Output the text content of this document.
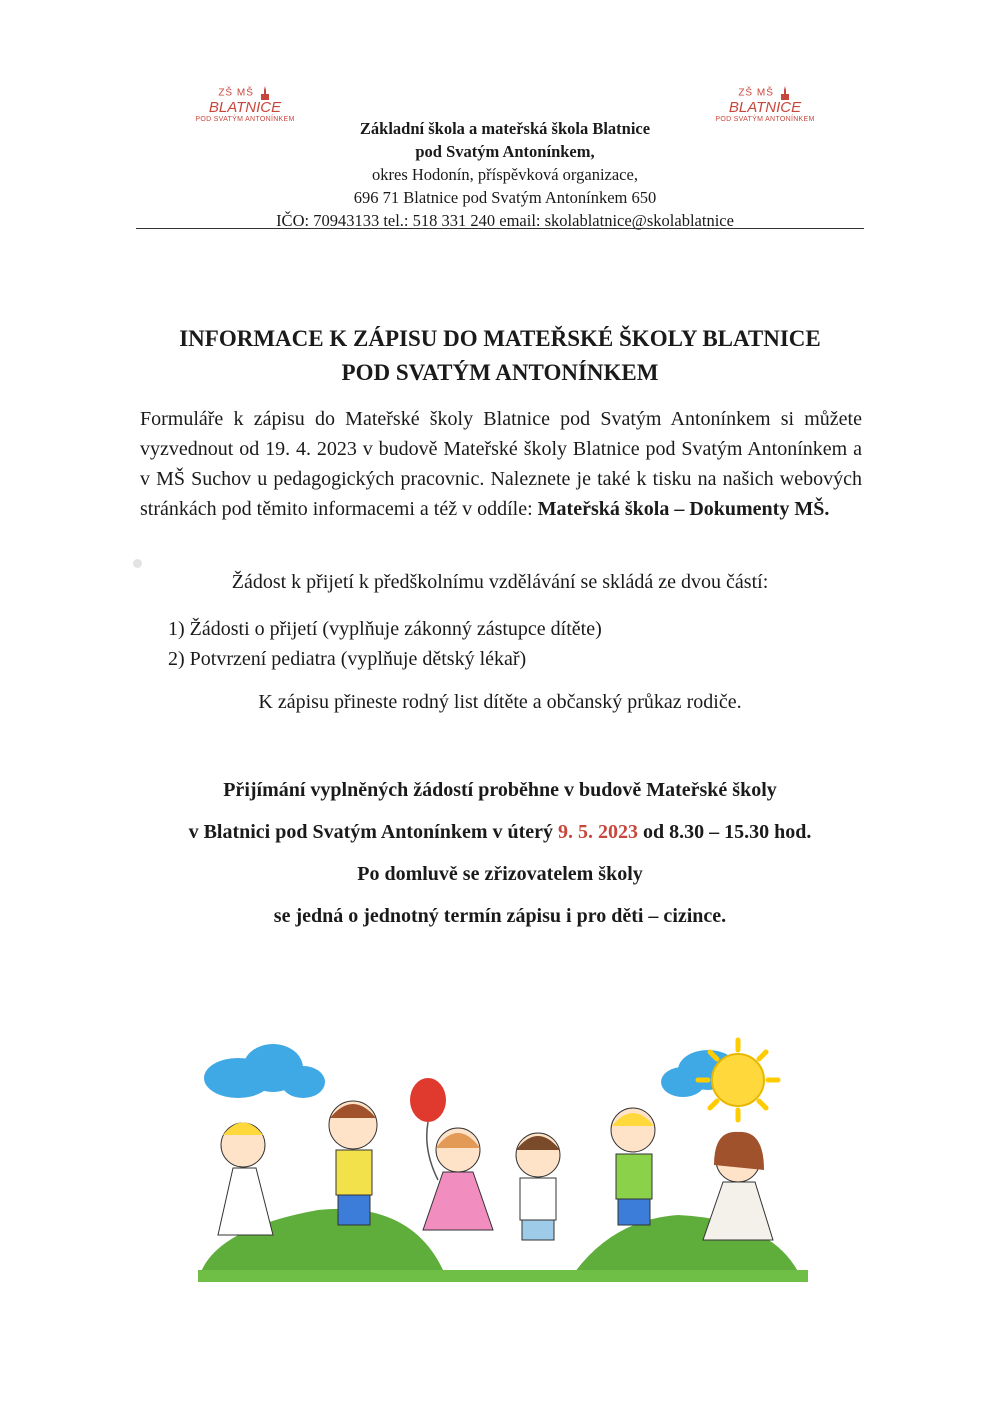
ZŠ MŠ
BLATNICE
POD SVATÝM ANTONÍNKEM
ZŠ MŠ
BLATNICE
POD SVATÝM ANTONÍNKEM
Základní škola a mateřská škola Blatnice
pod Svatým Antonínkem,
okres Hodonín, příspěvková organizace,
696 71 Blatnice pod Svatým Antonínkem 650
IČO: 70943133 tel.: 518 331 240 email: skolablatnice@skolablatnice
INFORMACE K ZÁPISU DO MATEŘSKÉ ŠKOLY BLATNICE
POD SVATÝM ANTONÍNKEM
Formuláře k zápisu do Mateřské školy Blatnice pod Svatým Antonínkem si můžete vyzvednout od 19. 4. 2023 v budově Mateřské školy Blatnice pod Svatým Antonínkem a v MŠ Suchov u pedagogických pracovnic. Naleznete je také k tisku na našich webových stránkách pod těmito informacemi a též v oddíle: Mateřská škola – Dokumenty MŠ.
Žádost k přijetí k předškolnímu vzdělávání se skládá ze dvou částí:
1) Žádosti o přijetí (vyplňuje zákonný zástupce dítěte)
2) Potvrzení pediatra (vyplňuje dětský lékař)
K zápisu přineste rodný list dítěte a občanský průkaz rodiče.
Přijímání vyplněných žádostí proběhne v budově Mateřské školy
v Blatnici pod Svatým Antonínkem v úterý 9. 5. 2023 od 8.30 – 15.30 hod.
Po domluvě se zřizovatelem školy
se jedná o jednotný termín zápisu i pro děti – cizince.
